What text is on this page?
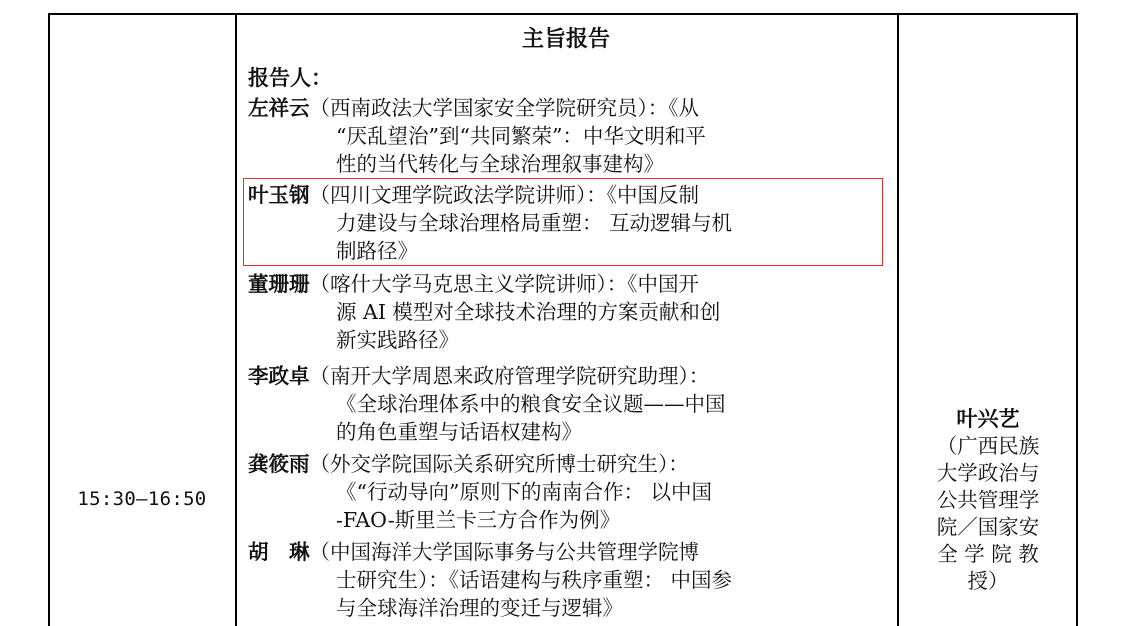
15:30—16:50
主旨报告
报告人：
左祥云（西南政法大学国家安全学院研究员）：《从
“厌乱望治”到“共同繁荣”：中华文明和平
性的当代转化与全球治理叙事建构》
叶玉钢（四川文理学院政法学院讲师）：《中国反制
力建设与全球治理格局重塑： 互动逻辑与机
制路径》
董珊珊（喀什大学马克思主义学院讲师）：《中国开
源 AI 模型对全球技术治理的方案贡献和创
新实践路径》
李政卓（南开大学周恩来政府管理学院研究助理）：
《全球治理体系中的粮食安全议题——中国
的角色重塑与话语权建构》
龚筱雨（外交学院国际关系研究所博士研究生）：
《“行动导向”原则下的南南合作： 以中国
-FAO-斯里兰卡三方合作为例》
胡　琳（中国海洋大学国际事务与公共管理学院博
士研究生）：《话语建构与秩序重塑： 中国参
与全球海洋治理的变迁与逻辑》
叶兴艺
（广西民族
大学政治与
公共管理学
院／国家安
全 学 院 教
授）
